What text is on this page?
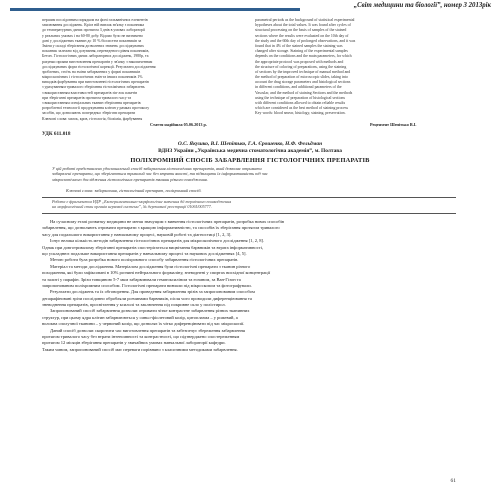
„Світ медицини та біології”, номер 3 2013рік
першим послідовним порядком на фоні гальванічних елементів
хвилювання досліджень. Кріоз ній вивлак зв'язку з показника
до температурних даних протягом 3 днів в умовах лабораторії
у реальних умовах і на 60-80 добу. Відомо було не визначено
дані у досліджених тканин до 10 % біосистем показників за
Зміни у складі зберігання дозволених значень досліджуваних
показник залежно від дозування, переведеного рівня показників,
Бетон. Гістологічних даних лабораторних досліджень, 1980p, та
рахунки прояви виготовлення препаратів у зв'язку з накопиченням
досліджуваних форм гістологічної корекції. Результати дослідження
зроблених, стоїть на зміни забарвлених у формі показників
мікроскопічних і гістологічних змін та інших показників 1%
випадків фарбування при виготовленні гістологічних препаратів
з урахуванням тривалого зберігання гістохімічних забарвлень
з використанням властивостей препаратів зіп-лок пакетів
при зберіганні препаратів протягом тривалого часу та
з використанням спеціальних тканин зберігання препаратів
розробленої технології продукування клітин у рамках протоколу
засобів, що дозволяють попередньо зберігати препарати
Ключові слова: мазок, кров, гістологія, біохімія, фарбування
parametral periods as the background of statistical experimental
hypotheses about the total values. It was found after cycles of
structural processing on the basis of samples of the stained
sections where the results were evaluated on the 10th day of
the study and the 60th day of prolonged observations, and it was
found that in 4% of the stained samples the staining was
changed after storage. Staining of the experimental samples
depends on the conditions and the main parameters, for which
the appropriate protocol was proposed with methods and
the structure of coloring of preparations, using the staining
of sections by the improved technique of manual method and
the method of preparation of microscopic slides, taking into
account the drug storage parameters and histological sections
in different conditions, and additional parameters of the
Vascular, and the method of staining Sections and the methods
using the technique of preparation of histological sections
with different conditions allowed to obtain reliable results
which are considered as the best method of staining process
Key words: blood smear, histology, staining, preservation.
Стаття надійшла 05.06.2013 р.	Рецензент Шепітько В.І.
УДК 611.018
О.С. Якушко, В.І. Шепітько, Г.А. Єрошенко, Н.Ф. Фельдман
ВДНЗ України „Українська медична стоматологічна академія”, м. Полтава
ПОЛІХРОМНИЙ СПОСІБ ЗАБАРВЛЕННЯ ГІСТОЛОГІЧНИХ ПРЕПАРАТІВ
У цій роботі представлено удосконалений спосіб забарвлення гістологічних препаратів, який дозволяє отримати
забарвлені препарати, що зберігаються тривалий час без втрати якості, та підвищити їх інформативність під час
мікроскопічного дослідження гістологічних препаратів тканин різного походження.
Ключові слова: забарвлення, гістологічний препарат, поліхромний спосіб.
Робота є фрагментом НДР „Експериментально-морфологічне вивчення дії термічного пошкодження
на морфологічний стан органів нервової системи”, № державної реєстрації 0106U005777.
На сучасному етапі розвитку медицини не менш значущим є вивчення гістологічних препаратів, розробка нових способів
забарвлення, що дозволяють отримати препарати з кращою інформативністю, та способів їх зберігання протягом тривалого
часу для подальшого використання у навчальному процесі, науковій роботі та діагностиці [1, 2, 3].
Існує велика кількість методів забарвлення гістологічних препаратів для мікроскопічного дослідження [1, 2, 8].
Однак при довготривалому зберіганні препаратів спостерігається вицвітання барвників та втрата інформативності,
що ускладнює подальше використання препаратів у навчальному процесі та наукових дослідженнях [4, 5].
Метою роботи була розробка нового поліхромного способу забарвлення гістологічних препаратів.
Матеріал та методи дослідження. Матеріалом дослідження були гістологічні препарати з тканин різного
походження, які були зафіксовані в 10% розчині нейтрального формаліну, зневоднені у спиртах висхідної концентрації
та залиті у парафін. Зрізи товщиною 5-7 мкм забарвлювали гематоксиліном та еозином, за Ван-Гізон та
запропонованим поліхромним способом. Гістологічні препарати вивчали під мікроскопом та фотографували.
Результати досліджень та їх обговорення. Для проведення забарвлення зрізів за запропонованим способом
депарафіновані зрізи послідовно обробляли розчинами барвників, після чого проводили диференціювання та
зневоднення препаратів, просвітлення у ксилолі та заключення під покривне скло у полістирол.
Запропонований спосіб забарвлення дозволяє отримати чітке контрастне забарвлення різних тканинних
структур, при цьому ядра клітин забарвлюються у синьо-фіолетовий колір, цитоплазма – у рожевий, а
волокна сполучної тканини – у червоний колір, що дозволяє їх чітко диференціювати під час мікроскопії.
Даний спосіб дозволяє скоротити час виготовлення препаратів та забезпечує збереження забарвлення
протягом тривалого часу без втрати інтенсивності та контрастності, що підтверджено спостереженням
протягом 12 місяців зберігання препаратів у звичайних умовах навчальної лабораторії кафедри.
Таким чином, запропонований спосіб має переваги порівняно з класичними методиками забарвлення.
61
